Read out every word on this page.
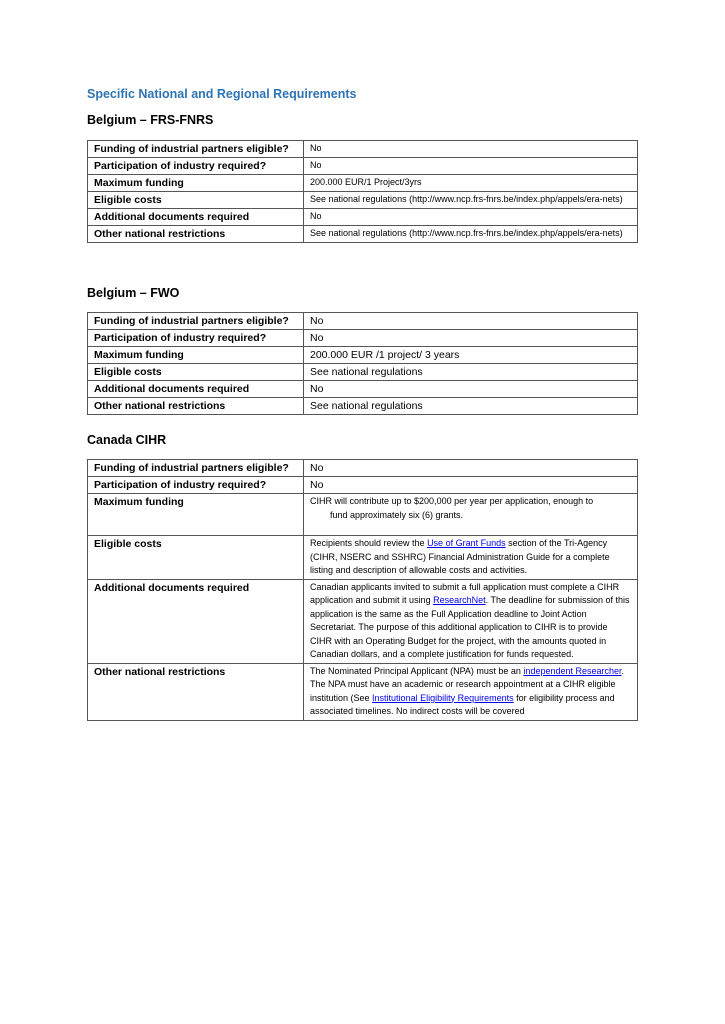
Specific National and Regional Requirements
Belgium – FRS-FNRS
Funding of industrial partners eligible?	No
Participation of industry required?	No
Maximum funding	200.000 EUR/1 Project/3yrs
Eligible costs	See national regulations (http://www.ncp.frs-fnrs.be/index.php/appels/era-nets)
Additional documents required	No
Other national restrictions	See national regulations (http://www.ncp.frs-fnrs.be/index.php/appels/era-nets)
Belgium – FWO
Funding of industrial partners eligible?	No
Participation of industry required?	No
Maximum funding	200.000 EUR /1 project/ 3 years
Eligible costs	See national regulations
Additional documents required	No
Other national restrictions	See national regulations
Canada CIHR
Funding of industrial partners eligible?	No
Participation of industry required?	No
Maximum funding	CIHR will contribute up to $200,000 per year per application, enough to
fund approximately six (6) grants.
Eligible costs	Recipients should review the Use of Grant Funds section of the Tri-Agency (CIHR, NSERC and SSHRC) Financial Administration Guide for a complete listing and description of allowable costs and activities.
Additional documents required	Canadian applicants invited to submit a full application must complete a CIHR application and submit it using ResearchNet. The deadline for submission of this application is the same as the Full Application deadline to Joint Action Secretariat. The purpose of this additional application to CIHR is to provide CIHR with an Operating Budget for the project, with the amounts quoted in Canadian dollars, and a complete justification for funds requested.
Other national restrictions	The Nominated Principal Applicant (NPA) must be an independent Researcher.
The NPA must have an academic or research appointment at a CIHR eligible institution (See Institutional Eligibility Requirements for eligibility process and associated timelines. No indirect costs will be covered
